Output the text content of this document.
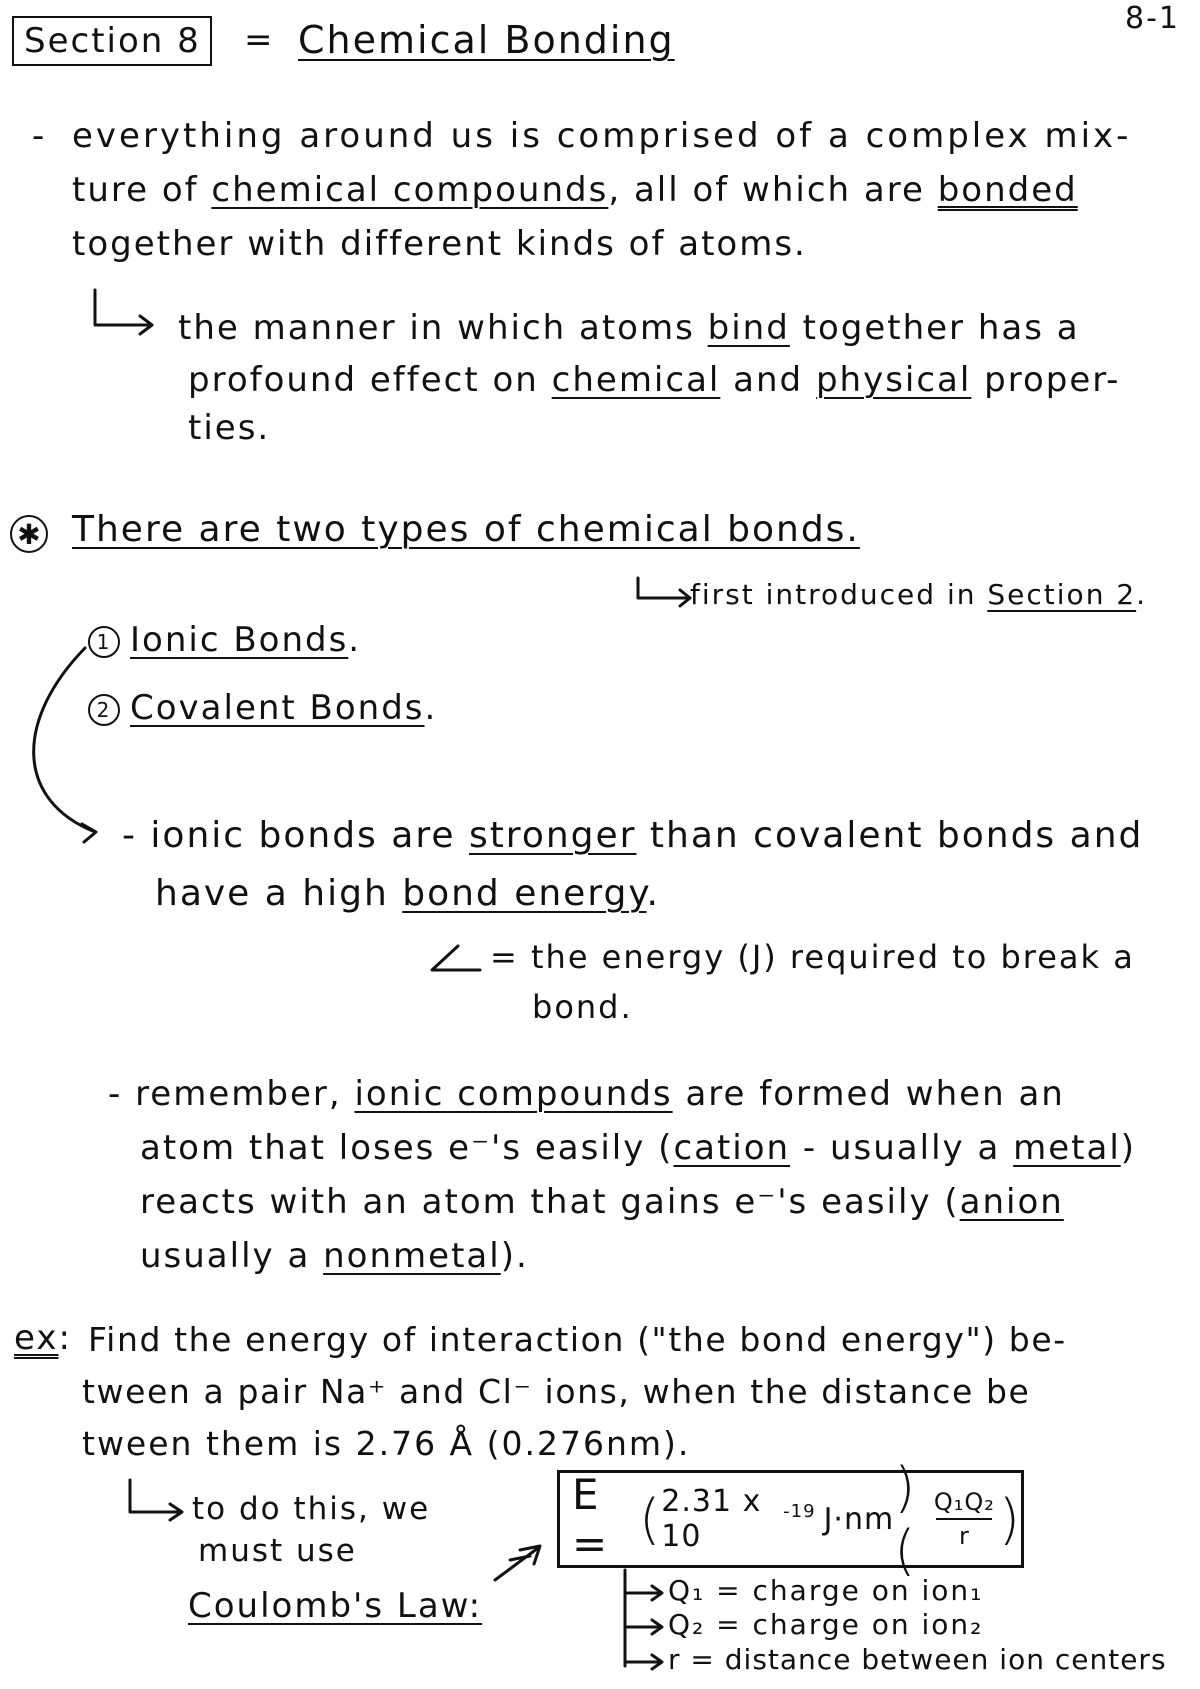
Section 8	= Chemical Bonding	8-1
- everything around us is comprised of a complex mix-
ture of chemical compounds, all of which are bonded
together with different kinds of atoms.
the manner in which atoms bind together has a
profound effect on chemical and physical proper-
ties.
✱ There are two types of chemical bonds.
first introduced in Section 2.
1 Ionic Bonds.
2 Covalent Bonds.
- ionic bonds are stronger than covalent bonds and
have a high bond energy.
= the energy (J) required to break a
bond.
- remember, ionic compounds are formed when an
atom that loses e⁻'s easily (cation - usually a metal)
reacts with an atom that gains e⁻'s easily (anion
usually a nonmetal).
ex: Find the energy of interaction ("the bond energy") be-
tween a pair Na⁺ and Cl⁻ ions, when the distance be
tween them is 2.76 Å (0.276nm).
to do this, we
must use
Coulomb's Law:
E = ( 2.31 x 10
$^{-19}$ J·nm )( $\frac{\text{Q₁Q₂}}{r}$ )
Q₁ = charge on ion₁
Q₂ = charge on ion₂
r = distance between ion centers
